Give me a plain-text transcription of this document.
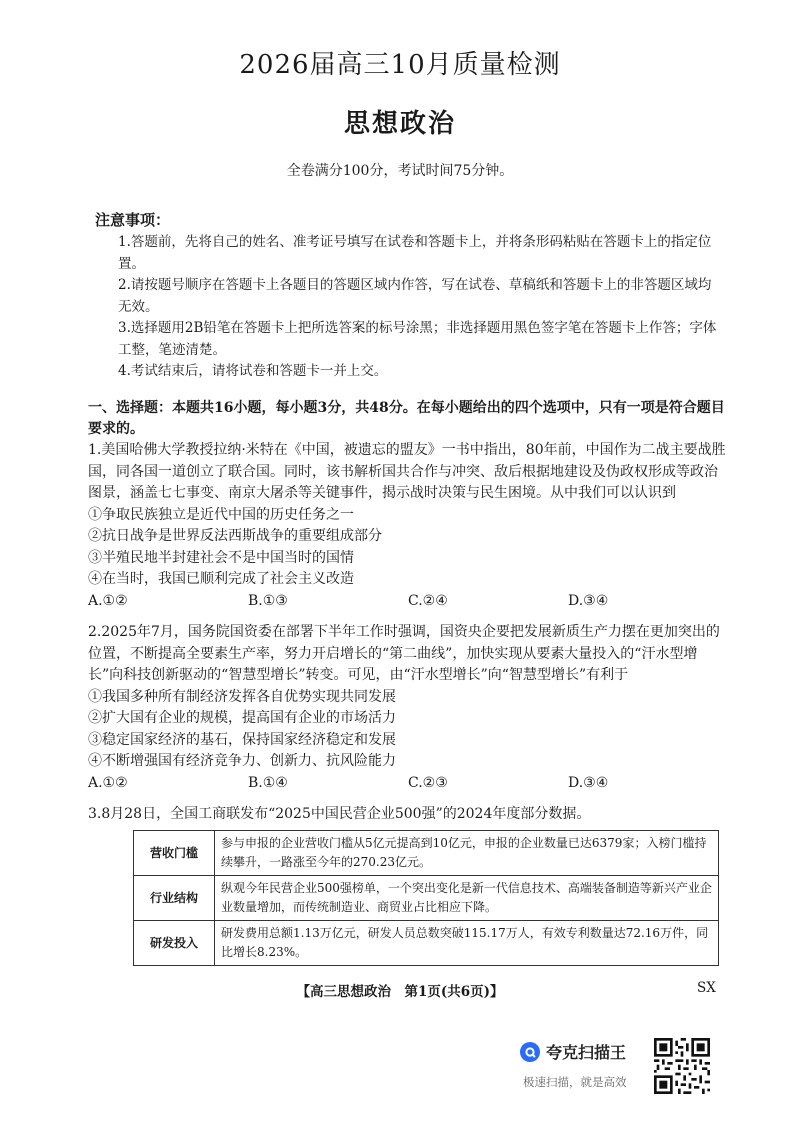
2026届高三10月质量检测
思想政治
全卷满分100分，考试时间75分钟。
注意事项：

1.答题前，先将自己的姓名、准考证号填写在试卷和答题卡上，并将条形码粘贴在答题卡上的指定位置。

2.请按题号顺序在答题卡上各题目的答题区域内作答，写在试卷、草稿纸和答题卡上的非答题区域均无效。

3.选择题用2B铅笔在答题卡上把所选答案的标号涂黑；非选择题用黑色签字笔在答题卡上作答；字体工整，笔迹清楚。

4.考试结束后，请将试卷和答题卡一并上交。

一、选择题：本题共16小题，每小题3分，共48分。在每小题给出的四个选项中，只有一项是符合题目要求的。

1.美国哈佛大学教授拉纳·米特在《中国，被遗忘的盟友》一书中指出，80年前，中国作为二战主要战胜国，同各国一道创立了联合国。同时，该书解析国共合作与冲突、敌后根据地建设及伪政权形成等政治图景，涵盖七七事变、南京大屠杀等关键事件，揭示战时决策与民生困境。从中我们可以认识到

①争取民族独立是近代中国的历史任务之一

②抗日战争是世界反法西斯战争的重要组成部分

③半殖民地半封建社会不是中国当时的国情

④在当时，我国已顺利完成了社会主义改造

A.①②	B.①③	C.②④	D.③④

2.2025年7月，国务院国资委在部署下半年工作时强调，国资央企要把发展新质生产力摆在更加突出的位置，不断提高全要素生产率，努力开启增长的“第二曲线”，加快实现从要素大量投入的“汗水型增长”向科技创新驱动的“智慧型增长”转变。可见，由“汗水型增长”向“智慧型增长”有利于

①我国多种所有制经济发挥各自优势实现共同发展

②扩大国有企业的规模，提高国有企业的市场活力

③稳定国家经济的基石，保持国家经济稳定和发展

④不断增强国有经济竞争力、创新力、抗风险能力

A.①②	B.①④	C.②③	D.③④

3.8月28日，全国工商联发布“2025中国民营企业500强”的2024年度部分数据。

营收门槛	参与申报的企业营收门槛从5亿元提高到10亿元，申报的企业数量已达6379家；入榜门槛持续攀升，一路涨至今年的270.23亿元。
行业结构	纵观今年民营企业500强榜单，一个突出变化是新一代信息技术、高端装备制造等新兴产业企业数量增加，而传统制造业、商贸业占比相应下降。
研发投入	研发费用总额1.13万亿元，研发人员总数突破115.17万人，有效专利数量达72.16万件，同比增长8.23%。
【高三思想政治　第1页(共6页)】	SX
夸克扫描王
极速扫描，就是高效
